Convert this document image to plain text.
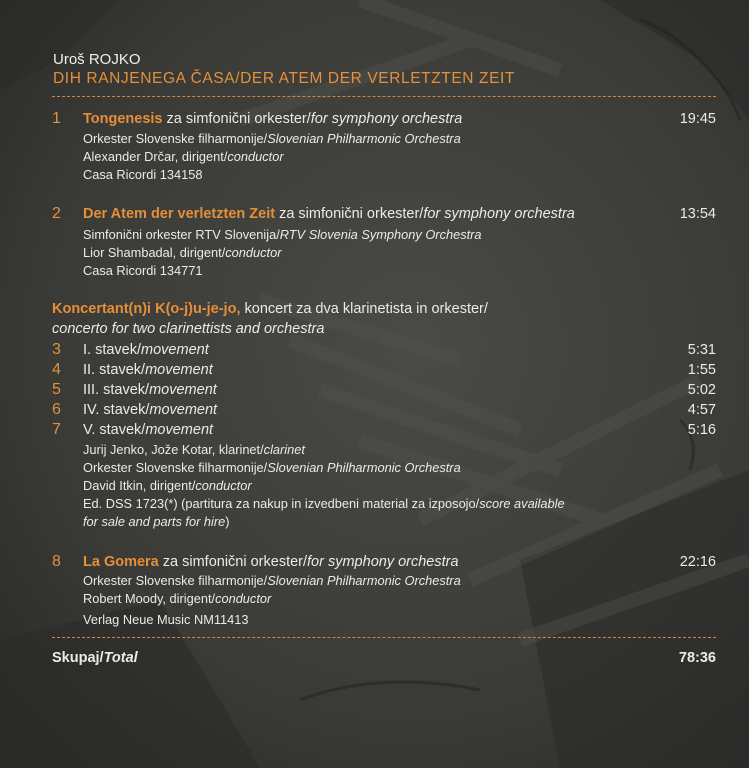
Uroš ROJKO
DIH RANJENEGA ČASA/DER ATEM DER VERLETZTEN ZEIT
1 Tongenesis za simfonični orkester/for symphony orchestra	19:45
Orkester Slovenske filharmonije/Slovenian Philharmonic Orchestra
Alexander Drčar, dirigent/conductor
Casa Ricordi 134158
2 Der Atem der verletzten Zeit za simfonični orkester/for symphony orchestra	13:54
Simfonični orkester RTV Slovenija/RTV Slovenia Symphony Orchestra
Lior Shambadal, dirigent/conductor
Casa Ricordi 134771
Koncertant(n)i K(o-j)u-je-jo, koncert za dva klarinetista in orkester/
concerto for two clarinettists and orchestra
3 I. stavek/movement	5:31
4 II. stavek/movement	1:55
5 III. stavek/movement	5:02
6 IV. stavek/movement	4:57
7 V. stavek/movement	5:16
Jurij Jenko, Jože Kotar, klarinet/clarinet
Orkester Slovenske filharmonije/Slovenian Philharmonic Orchestra
David Itkin, dirigent/conductor
Ed. DSS 1723(*) (partitura za nakup in izvedbeni material za izposojo/score available
for sale and parts for hire)
8 La Gomera za simfonični orkester/for symphony orchestra	22:16
Orkester Slovenske filharmonije/Slovenian Philharmonic Orchestra
Robert Moody, dirigent/conductor
Verlag Neue Music NM11413
Skupaj/Total	78:36
